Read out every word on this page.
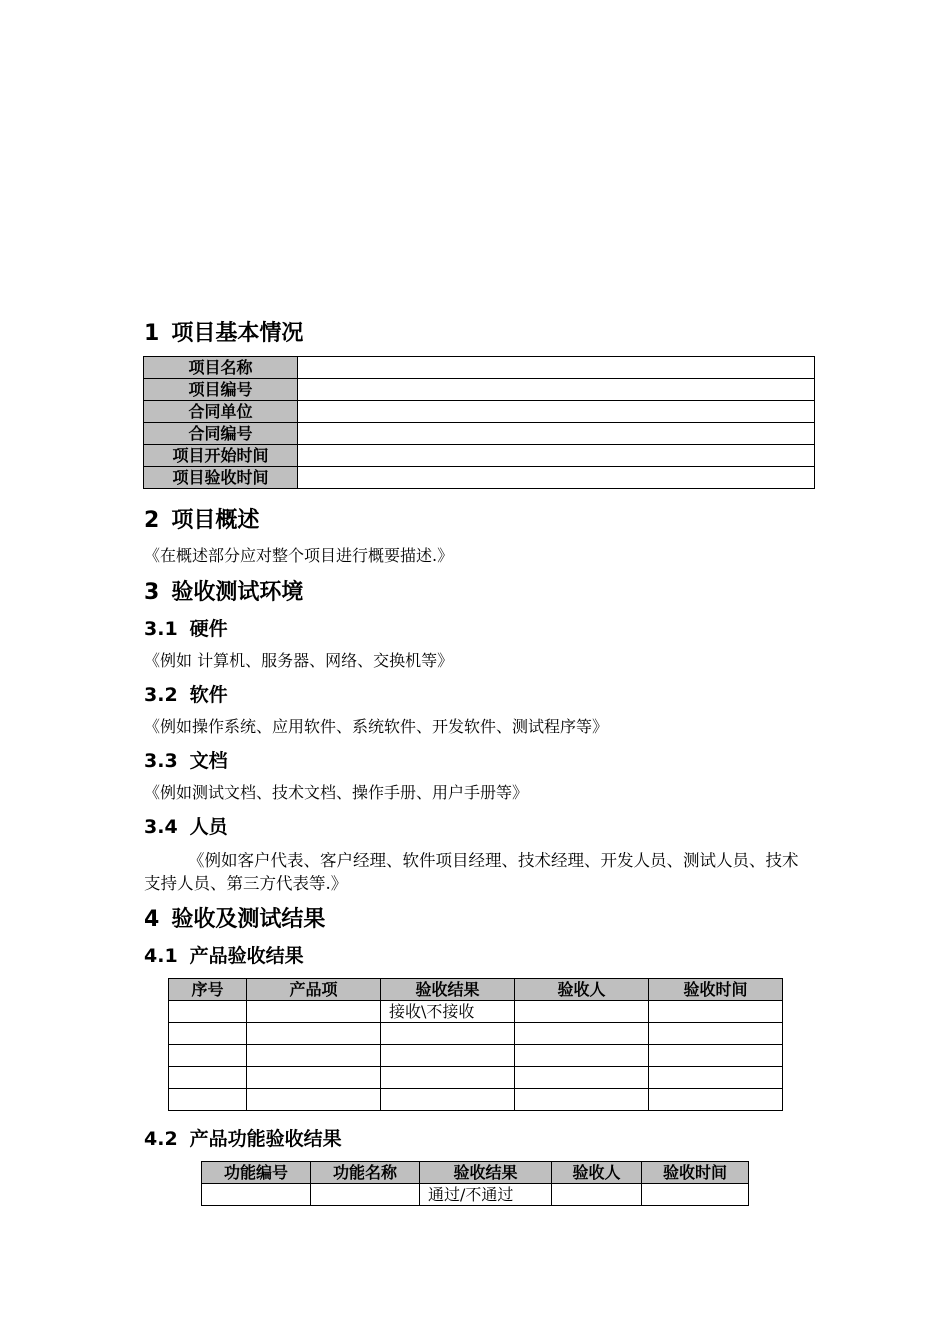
1 项目基本情况
项目名称	
项目编号	
合同单位	
合同编号	
项目开始时间	
项目验收时间	
2 项目概述
《在概述部分应对整个项目进行概要描述.》
3 验收测试环境
3.1 硬件
《例如 计算机、服务器、网络、交换机等》
3.2 软件
《例如操作系统、应用软件、系统软件、开发软件、测试程序等》
3.3 文档
《例如测试文档、技术文档、操作手册、用户手册等》
3.4 人员
《例如客户代表、客户经理、软件项目经理、技术经理、开发人员、测试人员、技术支持人员、第三方代表等.》
4 验收及测试结果
4.1 产品验收结果
序号	产品项	验收结果	验收人	验收时间
		接收\不接收		

4.2 产品功能验收结果
功能编号	功能名称	验收结果	验收人	验收时间
		通过/不通过		
